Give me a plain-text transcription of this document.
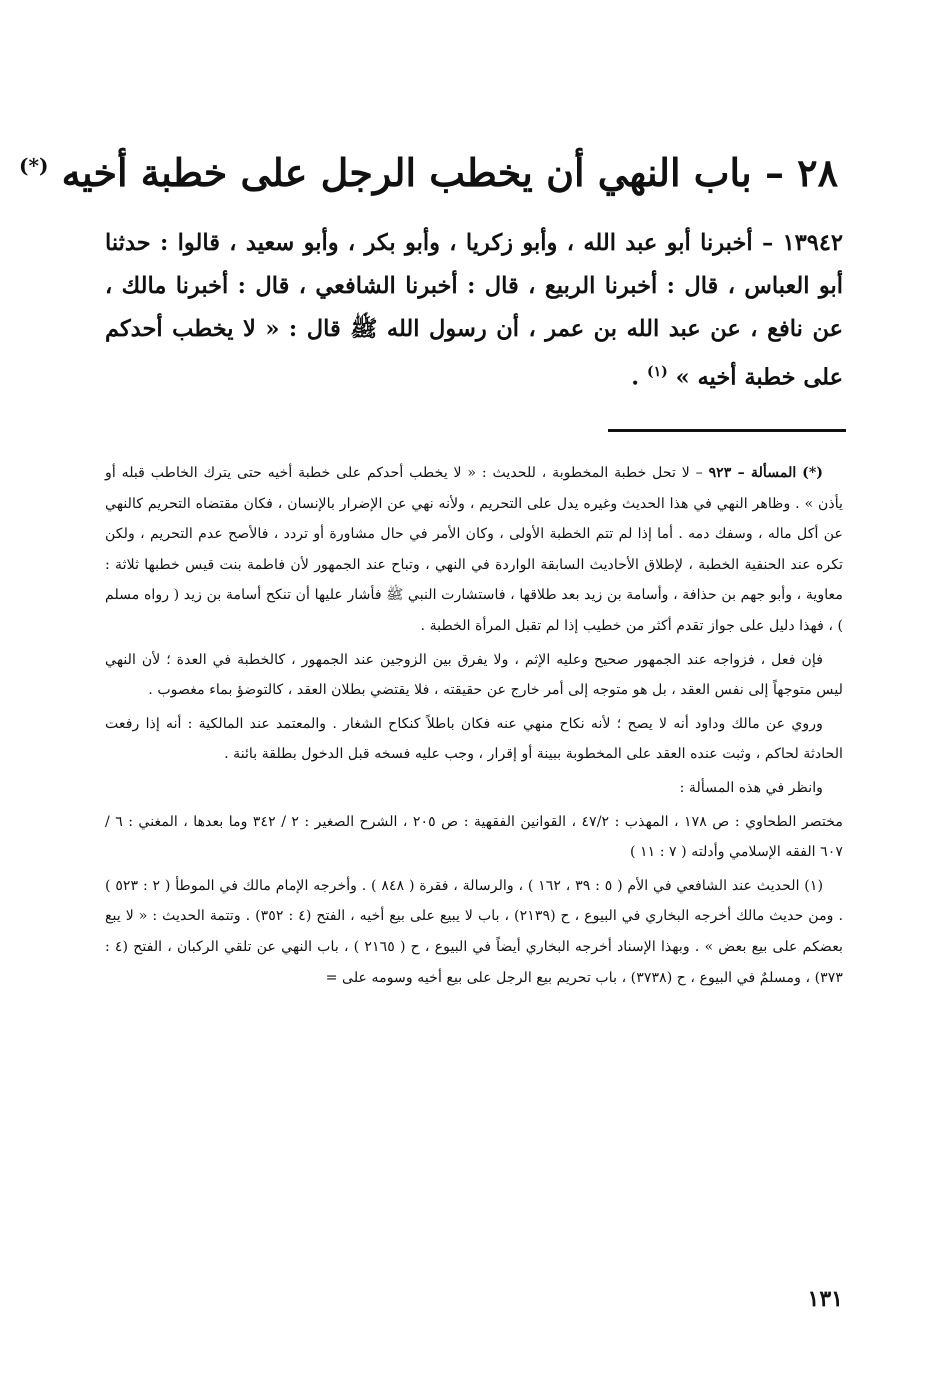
٢٨ – باب النهي أن يخطب الرجل على خطبة أخيه (*)

١٣٩٤٢ – أخبرنا أبو عبد الله ، وأبو زكريا ، وأبو بكر ، وأبو سعيد ، قالوا : حدثنا أبو العباس ، قال : أخبرنا الربيع ، قال : أخبرنا الشافعي ، قال : أخبرنا مالك ، عن نافع ، عن عبد الله بن عمر ، أن رسول الله ﷺ قال : « لا يخطب أحدكم على خطبة أخيه » $^{(١)}$ .

(*) المسألة – ٩٢٣ – لا تحل خطبة المخطوبة ، للحديث : « لا يخطب أحدكم على خطبة أخيه حتى يترك الخاطب قبله أو يأذن » . وظاهر النهي في هذا الحديث وغيره يدل على التحريم ، ولأنه نهي عن الإضرار بالإنسان ، فكان مقتضاه التحريم كالنهي عن أكل ماله ، وسفك دمه . أما إذا لم تتم الخطبة الأولى ، وكان الأمر في حال مشاورة أو تردد ، فالأصح عدم التحريم ، ولكن تكره عند الحنفية الخطبة ، لإطلاق الأحاديث السابقة الواردة في النهي ، وتباح عند الجمهور لأن فاطمة بنت قيس خطبها ثلاثة : معاوية ، وأبو جهم بن حذافة ، وأسامة بن زيد بعد طلاقها ، فاستشارت النبي ﷺ فأشار عليها أن تنكح أسامة بن زيد ( رواه مسلم ) ، فهذا دليل على جواز تقدم أكثر من خطيب إذا لم تقبل المرأة الخطبة .

فإن فعل ، فزواجه عند الجمهور صحيح وعليه الإثم ، ولا يفرق بين الزوجين عند الجمهور ، كالخطبة في العدة ؛ لأن النهي ليس متوجهاً إلى نفس العقد ، بل هو متوجه إلى أمر خارج عن حقيقته ، فلا يقتضي بطلان العقد ، كالتوضؤ بماء مغصوب .

وروي عن مالك وداود أنه لا يصح ؛ لأنه نكاح منهي عنه فكان باطلاً كنكاح الشغار . والمعتمد عند المالكية : أنه إذا رفعت الحادثة لحاكم ، وثبت عنده العقد على المخطوبة ببينة أو إقرار ، وجب عليه فسخه قبل الدخول بطلقة بائنة .

وانظر في هذه المسألة :

مختصر الطحاوي : ص ١٧٨ ، المهذب : ٤٧/٢ ، القوانين الفقهية : ص ٢٠٥ ، الشرح الصغير : ٢ / ٣٤٢ وما بعدها ، المغني : ٦ / ٦٠٧ الفقه الإسلامي وأدلته ( ٧ : ١١ )

(١) الحديث عند الشافعي في الأم ( ٥ : ٣٩ ، ١٦٢ ) ، والرسالة ، فقرة ( ٨٤٨ ) . وأخرجه الإمام مالك في الموطأ ( ٢ : ٥٢٣ ) . ومن حديث مالك أخرجه البخاري في البيوع ، ح (٢١٣٩) ، باب لا يبيع على بيع أخيه ، الفتح (٤ : ٣٥٢) . وتتمة الحديث : « لا يبع بعضكم على بيع بعض » . وبهذا الإسناد أخرجه البخاري أيضاً في البيوع ، ح ( ٢١٦٥ ) ، باب النهي عن تلقي الركبان ، الفتح (٤ : ٣٧٣) ، ومسلمٌ في البيوع ، ح (٣٧٣٨) ، باب تحريم بيع الرجل على بيع أخيه وسومه على =

١٣١
